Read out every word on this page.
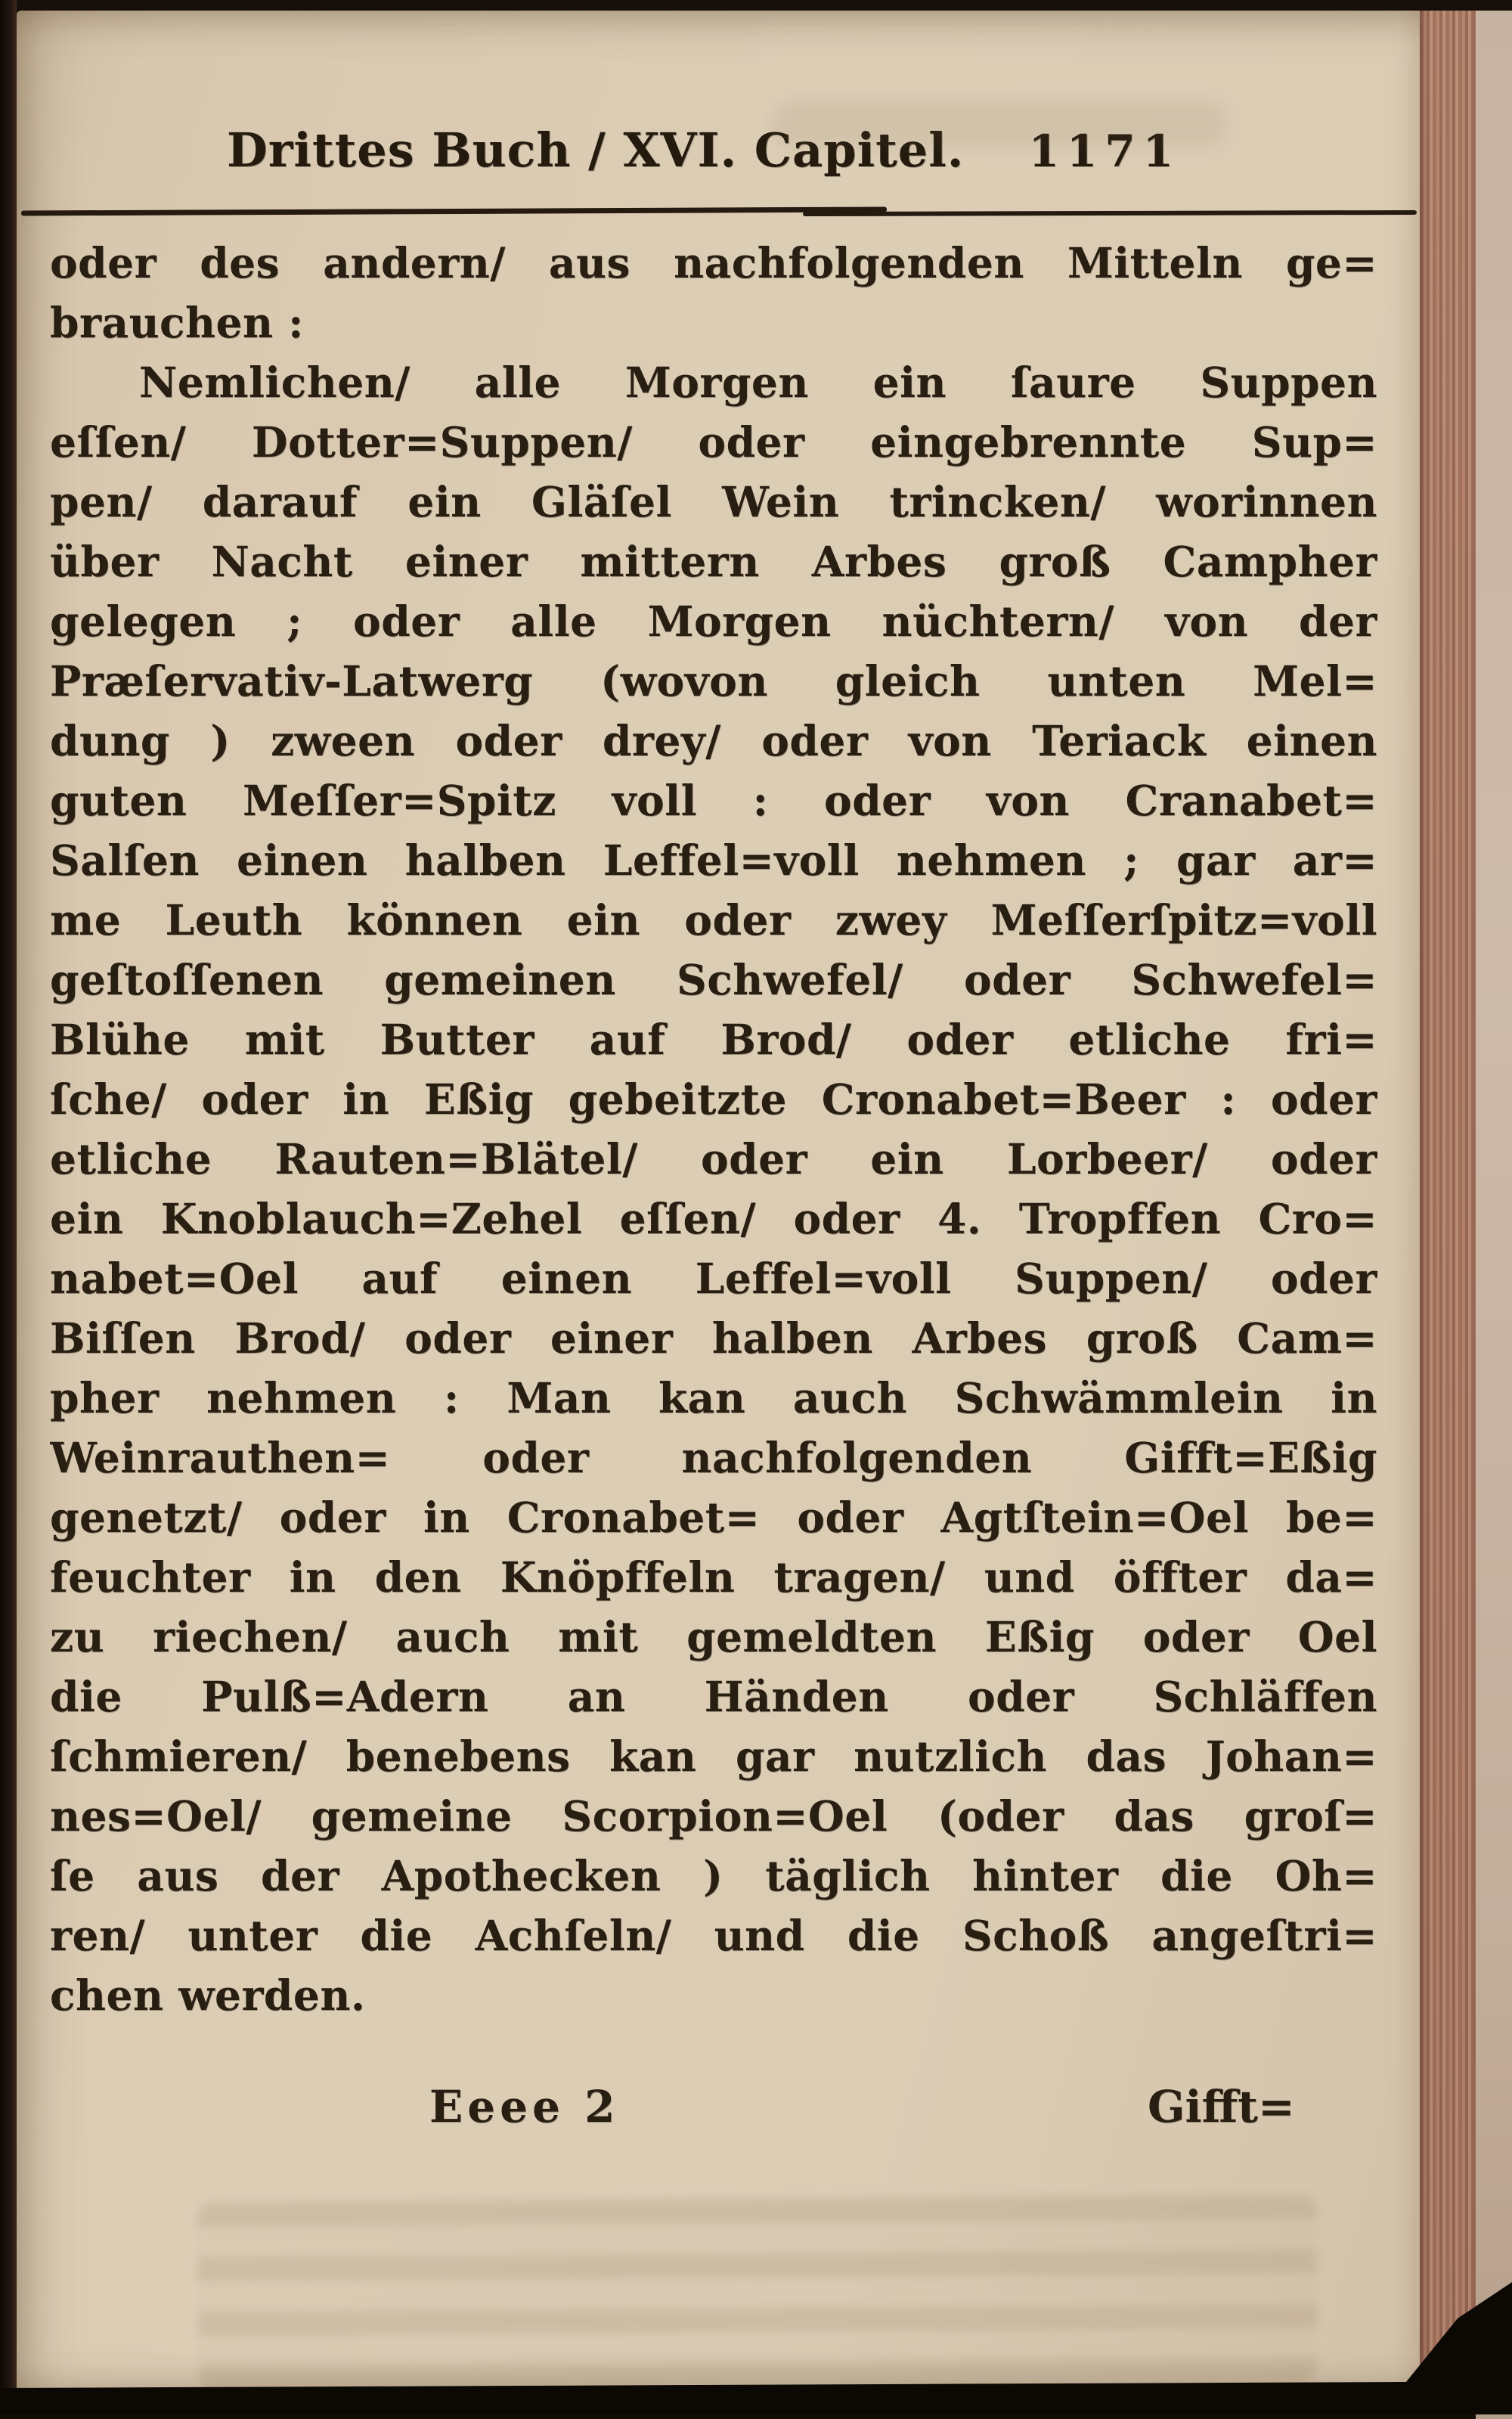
Drittes Buch / XVI. Capitel. 1171

oder des andern/ aus nachfolgenden Mitteln ge=

brauchen :

Nemlichen/ alle Morgen ein ſaure Suppen

eſſen/ Dotter=Suppen/ oder eingebrennte Sup=

pen/ darauf ein Gläſel Wein trincken/ worinnen

über Nacht einer mittern Arbes groß Campher

gelegen ; oder alle Morgen nüchtern/ von der

Præſervativ-Latwerg (wovon gleich unten Mel=

dung ) zween oder drey/ oder von Teriack einen

guten Meſſer=Spitz voll : oder von Cranabet=

Salſen einen halben Leffel=voll nehmen ; gar ar=

me Leuth können ein oder zwey Meſſerſpitz=voll

geſtoſſenen gemeinen Schwefel/ oder Schwefel=

Blühe mit Butter auf Brod/ oder etliche fri=

ſche/ oder in Eßig gebeitzte Cronabet=Beer : oder

etliche Rauten=Blätel/ oder ein Lorbeer/ oder

ein Knoblauch=Zehel eſſen/ oder 4. Tropffen Cro=

nabet=Oel auf einen Leffel=voll Suppen/ oder

Biſſen Brod/ oder einer halben Arbes groß Cam=

pher nehmen : Man kan auch Schwämmlein in

Weinrauthen= oder nachfolgenden Gifft=Eßig

genetzt/ oder in Cronabet= oder Agtſtein=Oel be=

feuchter in den Knöpffeln tragen/ und öffter da=

zu riechen/ auch mit gemeldten Eßig oder Oel

die Pulß=Adern an Händen oder Schläffen

ſchmieren/ benebens kan gar nutzlich das Johan=

nes=Oel/ gemeine Scorpion=Oel (oder das groſ=

ſe aus der Apothecken ) täglich hinter die Oh=

ren/ unter die Achſeln/ und die Schoß angeſtri=

chen werden.

Eeee 2	Gifft=
